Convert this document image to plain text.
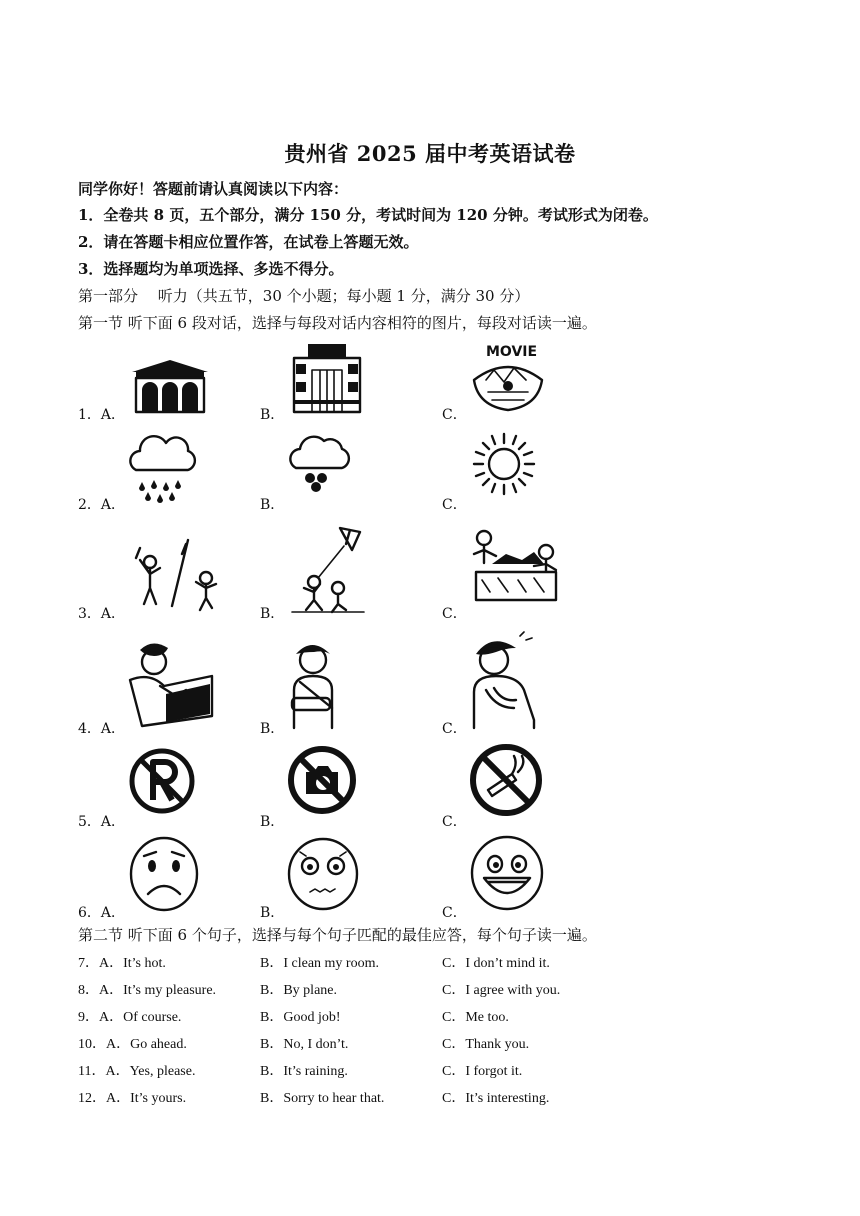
贵州省 2025 届中考英语试卷
同学你好！答题前请认真阅读以下内容：
1．全卷共 8 页，五个部分，满分 150 分，考试时间为 120 分钟。考试形式为闭卷。
2．请在答题卡相应位置作答，在试卷上答题无效。
3．选择题均为单项选择、多选不得分。
第一部分　 听力（共五节，30 个小题；每小题 1 分，满分 30 分）
第一节 听下面 6 段对话，选择与每段对话内容相符的图片，每段对话读一遍。
1．A．	B．	C．
MOVIE
2．A．	B．	C．
3．A．	B．	C．
4．A．	B．	C．
5．A．	B．	C．
6．A．	B．	C．
第二节 听下面 6 个句子，选择与每个句子匹配的最佳应答，每个句子读一遍。
7．A．It’s hot.	B．I clean my room.	C．I don’t mind it.
8．A．It’s my pleasure.	B．By plane.	C．I agree with you.
9．A．Of course.	B．Good job!	C．Me too.
10．A．Go ahead.	B．No, I don’t.	C．Thank you.
11．A．Yes, please.	B．It’s raining.	C．I forgot it.
12．A．It’s yours.	B．Sorry to hear that.	C．It’s interesting.
